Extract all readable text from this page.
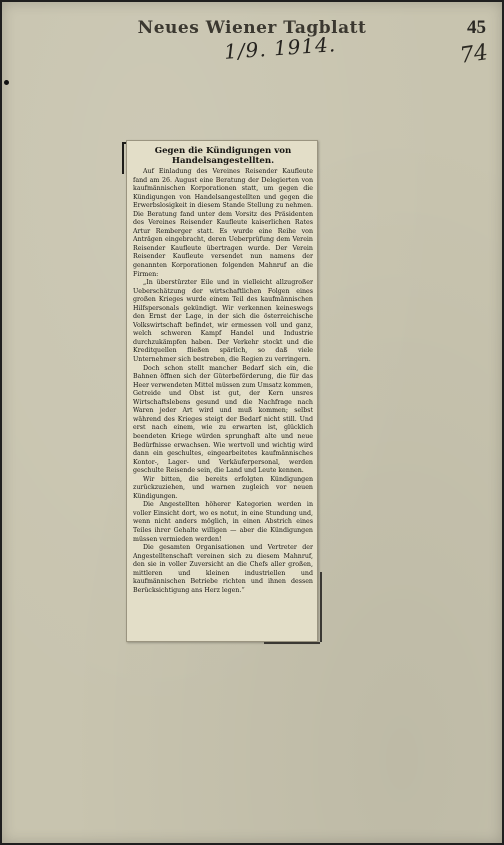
Neues Wiener Tagblatt	45
1/9. 1914.	74
Gegen die Kündigungen von Handelsangestellten.

Auf Einladung des Vereines Reisender Kaufleute fand am 26. August eine Beratung der Delegierten von kaufmännischen Korporationen statt, um gegen die Kündigungen von Handelsangestellten und gegen die Erwerbslosigkeit in diesem Stande Stellung zu nehmen. Die Beratung fand unter dem Vorsitz des Präsidenten des Vereines Reisender Kaufleute kaiserlichen Rates Artur Remberger statt. Es wurde eine Reihe von Anträgen eingebracht, deren Ueberprüfung dem Verein Reisender Kaufleute übertragen wurde. Der Verein Reisender Kaufleute versendet nun namens der genannten Korporationen folgenden Mahnruf an die Firmen:

„In überstürzter Eile und in vielleicht allzugroßer Ueberschätzung der wirtschaftlichen Folgen eines großen Krieges wurde einem Teil des kaufmännischen Hilfspersonals gekündigt. Wir verkennen keineswegs den Ernst der Lage, in der sich die österreichische Volkswirtschaft befindet, wir ermessen voll und ganz, welch schweren Kampf Handel und Industrie durchzukämpfen haben. Der Verkehr stockt und die Kreditquellen fließen spärlich, so daß viele Unternehmer sich bestreben, die Regien zu verringern.

Doch schon stellt mancher Bedarf sich ein, die Bahnen öffnen sich der Güterbeförderung, die für das Heer verwendeten Mittel müssen zum Umsatz kommen, Getreide und Obst ist gut, der Kern unsres Wirtschaftslebens gesund und die Nachfrage nach Waren jeder Art wird und muß kommen; selbst während des Krieges steigt der Bedarf nicht still. Und erst nach einem, wie zu erwarten ist, glücklich beendeten Kriege würden sprunghaft alte und neue Bedürfnisse erwachsen. Wie wertvoll und wichtig wird dann ein geschultes, eingearbeitetes kaufmännisches Kontor-, Lager- und Verkäuferpersonal, werden geschulte Reisende sein, die Land und Leute kennen.

Wir bitten, die bereits erfolgten Kündigungen zurückzuziehen, und warnen zugleich vor neuen Kündigungen.

Die Angestellten höherer Kategorien werden in voller Einsicht dort, wo es notut, in eine Stundung und, wenn nicht anders möglich, in einen Abstrich eines Teiles ihrer Gehalte willigen — aber die Kündigungen müssen vermieden werden!

Die gesamten Organisationen und Vertreter der Angestelltenschaft vereinen sich zu diesem Mahnruf, den sie in voller Zuversicht an die Chefs aller großen, mittleren und kleinen industriellen und kaufmännischen Betriebe richten und ihnen dessen Berücksichtigung ans Herz legen.“
